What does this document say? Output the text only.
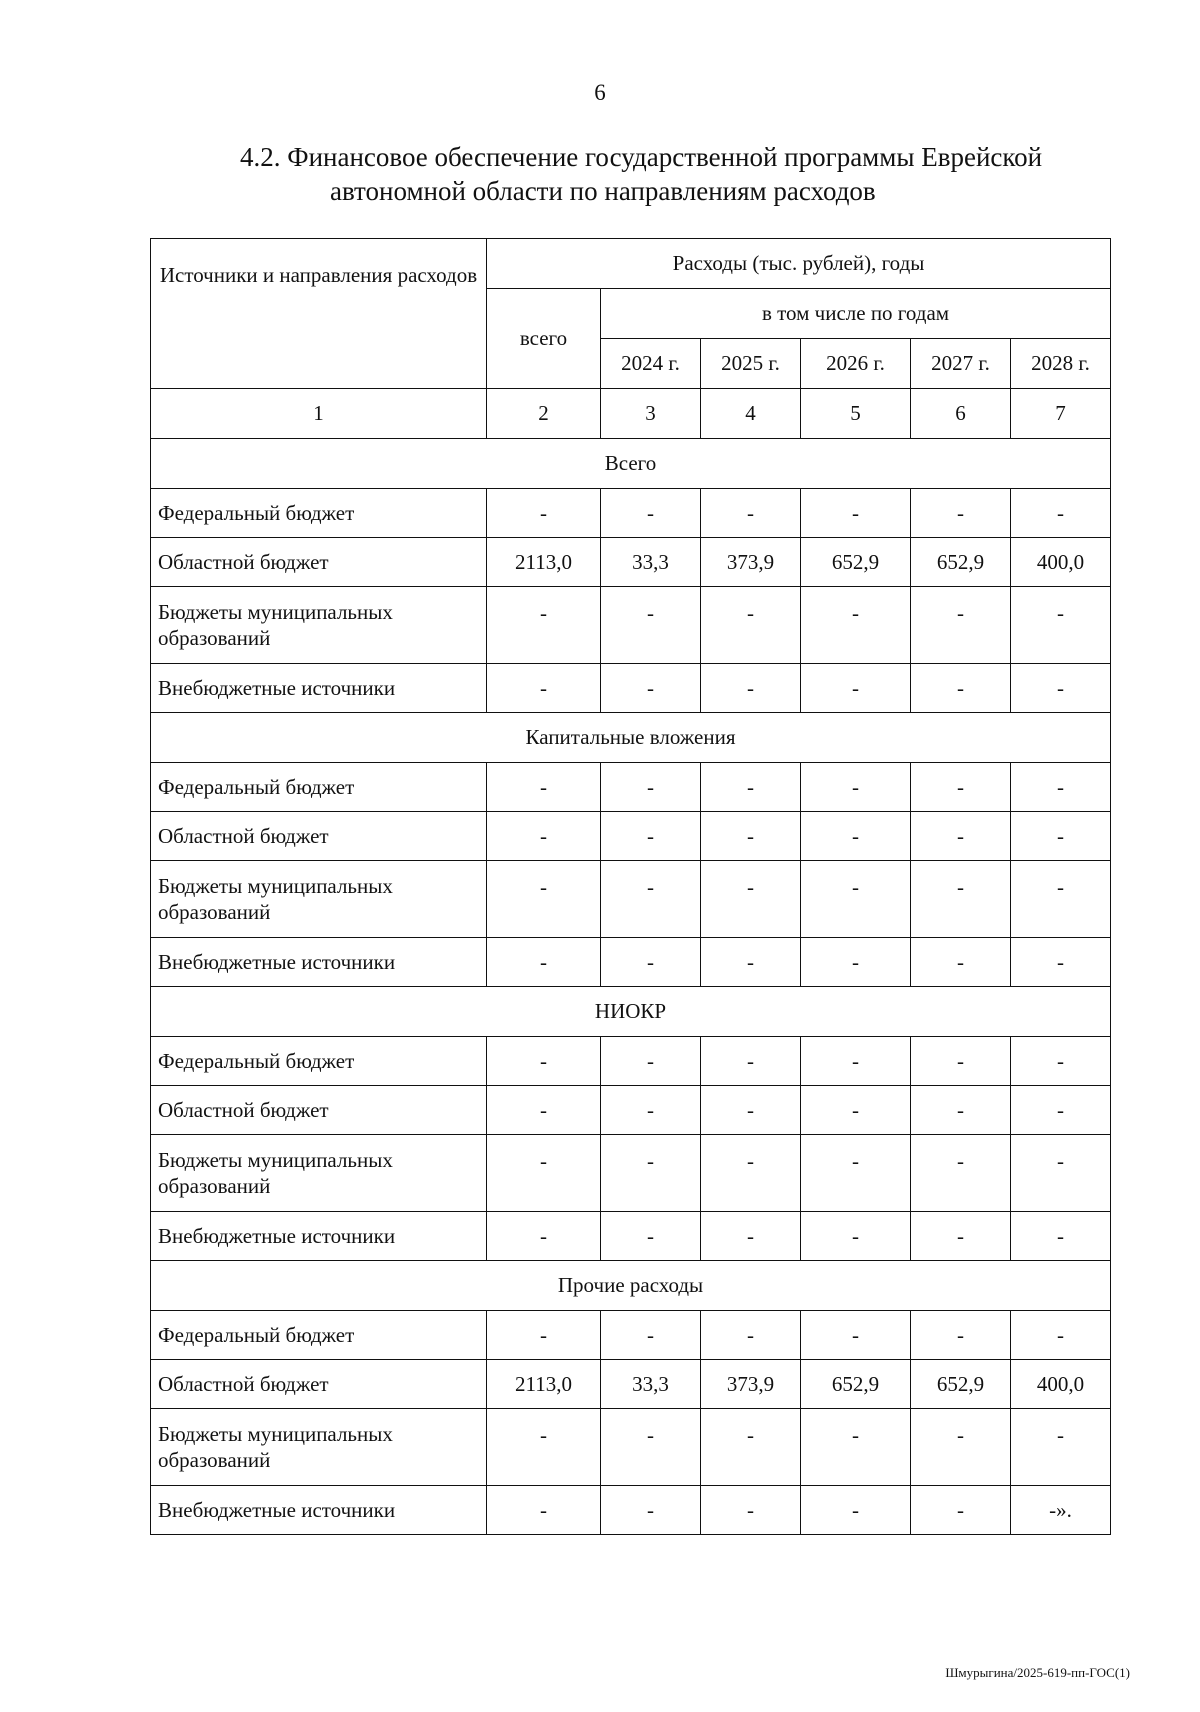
6
4.2. Финансовое обеспечение государственной программы Еврейской
автономной области по направлениям расходов
Источники и направления расходов	Расходы (тыс. рублей), годы					
	всего	в том числе по годам				
		2024 г.	2025 г.	2026 г.	2027 г.	2028 г.
1	2	3	4	5	6	7
Всего						
Федеральный бюджет	-	-	-	-	-	-
Областной бюджет	2113,0	33,3	373,9	652,9	652,9	400,0
Бюджеты муниципальных образований	-	-	-	-	-	-
Внебюджетные источники	-	-	-	-	-	-
Капитальные вложения						
Федеральный бюджет	-	-	-	-	-	-
Областной бюджет	-	-	-	-	-	-
Бюджеты муниципальных образований	-	-	-	-	-	-
Внебюджетные источники	-	-	-	-	-	-
НИОКР						
Федеральный бюджет	-	-	-	-	-	-
Областной бюджет	-	-	-	-	-	-
Бюджеты муниципальных образований	-	-	-	-	-	-
Внебюджетные источники	-	-	-	-	-	-
Прочие расходы						
Федеральный бюджет	-	-	-	-	-	-
Областной бюджет	2113,0	33,3	373,9	652,9	652,9	400,0
Бюджеты муниципальных образований	-	-	-	-	-	-
Внебюджетные источники	-	-	-	-	-	-».
Шмурыгина/2025-619-пп-ГОС(1)
